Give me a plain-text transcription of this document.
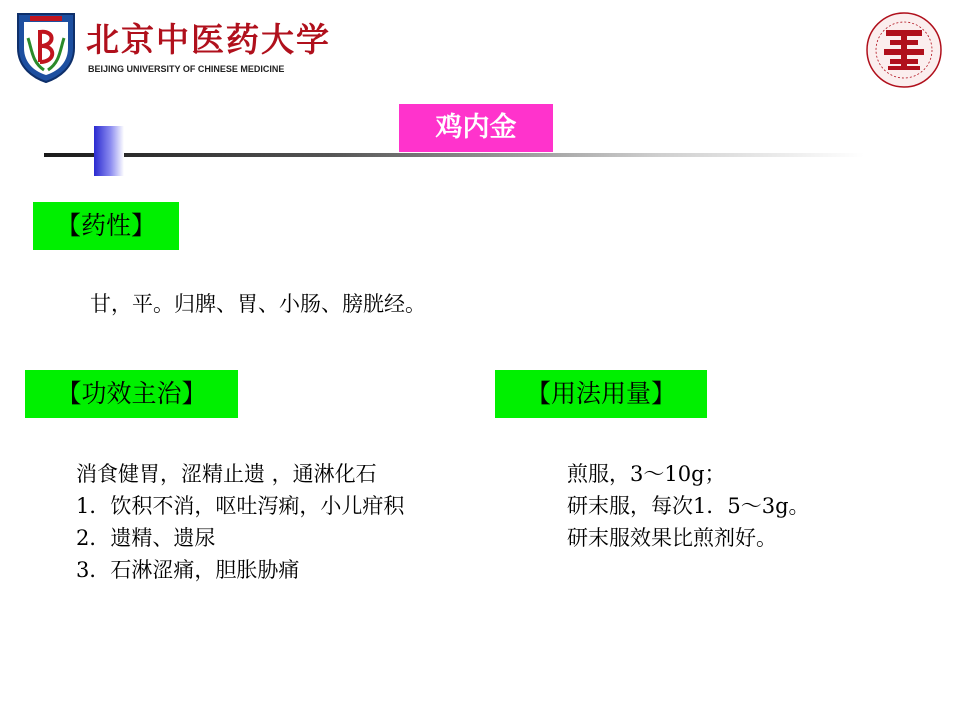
北京中医药大学
BEIJING UNIVERSITY OF CHINESE MEDICINE
鸡内金
【药性】
甘，平。归脾、胃、小肠、膀胱经。
【功效主治】
消食健胃，涩精止遗 ，通淋化石
1．饮积不消，呕吐泻痢，小儿疳积
2．遗精、遗尿
3．石淋涩痛，胆胀胁痛
【用法用量】
煎服，3～10g；
研末服，每次1．5～3g。
研末服效果比煎剂好。
